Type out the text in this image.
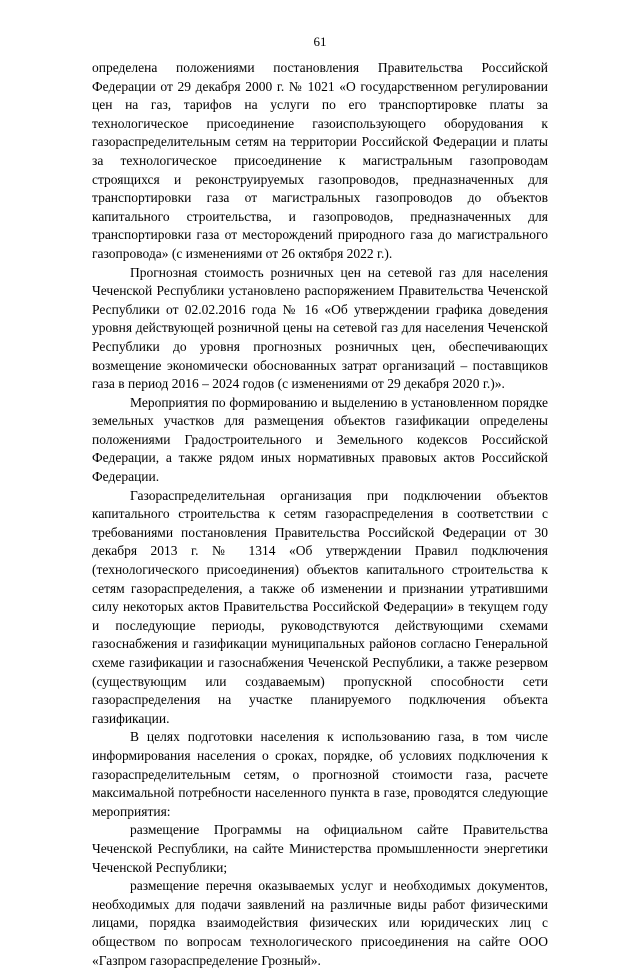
61

определена положениями постановления Правительства Российской Федерации от 29 декабря 2000 г. № 1021 «О государственном регулировании цен на газ, тарифов на услуги по его транспортировке платы за технологическое присоединение газоиспользующего оборудования к газораспределительным сетям на территории Российской Федерации и платы за технологическое присоединение к магистральным газопроводам строящихся и реконструируемых газопроводов, предназначенных для транспортировки газа от магистральных газопроводов до объектов капитального строительства, и газопроводов, предназначенных для транспортировки газа от месторождений природного газа до магистрального газопровода» (с изменениями от 26 октября 2022 г.).

Прогнозная стоимость розничных цен на сетевой газ для населения Чеченской Республики установлено распоряжением Правительства Чеченской Республики от 02.02.2016 года № 16 «Об утверждении графика доведения уровня действующей розничной цены на сетевой газ для населения Чеченской Республики до уровня прогнозных розничных цен, обеспечивающих возмещение экономически обоснованных затрат организаций – поставщиков газа в период 2016 – 2024 годов (с изменениями от 29 декабря 2020 г.)».

Мероприятия по формированию и выделению в установленном порядке земельных участков для размещения объектов газификации определены положениями Градостроительного и Земельного кодексов Российской Федерации, а также рядом иных нормативных правовых актов Российской Федерации.

Газораспределительная организация при подключении объектов капитального строительства к сетям газораспределения в соответствии с требованиями постановления Правительства Российской Федерации от 30 декабря 2013 г. № 1314 «Об утверждении Правил подключения (технологического присоединения) объектов капитального строительства к сетям газораспределения, а также об изменении и признании утратившими силу некоторых актов Правительства Российской Федерации» в текущем году и последующие периоды, руководствуются действующими схемами газоснабжения и газификации муниципальных районов согласно Генеральной схеме газификации и газоснабжения Чеченской Республики, а также резервом (существующим или создаваемым) пропускной способности сети газораспределения на участке планируемого подключения объекта газификации.

В целях подготовки населения к использованию газа, в том числе информирования населения о сроках, порядке, об условиях подключения к газораспределительным сетям, о прогнозной стоимости газа, расчете максимальной потребности населенного пункта в газе, проводятся следующие мероприятия:

размещение Программы на официальном сайте Правительства Чеченской Республики, на сайте Министерства промышленности энергетики Чеченской Республики;

размещение перечня оказываемых услуг и необходимых документов, необходимых для подачи заявлений на различные виды работ физическими лицами, порядка взаимодействия физических или юридических лиц с обществом по вопросам технологического присоединения на сайте ООО «Газпром газораспределение Грозный».
